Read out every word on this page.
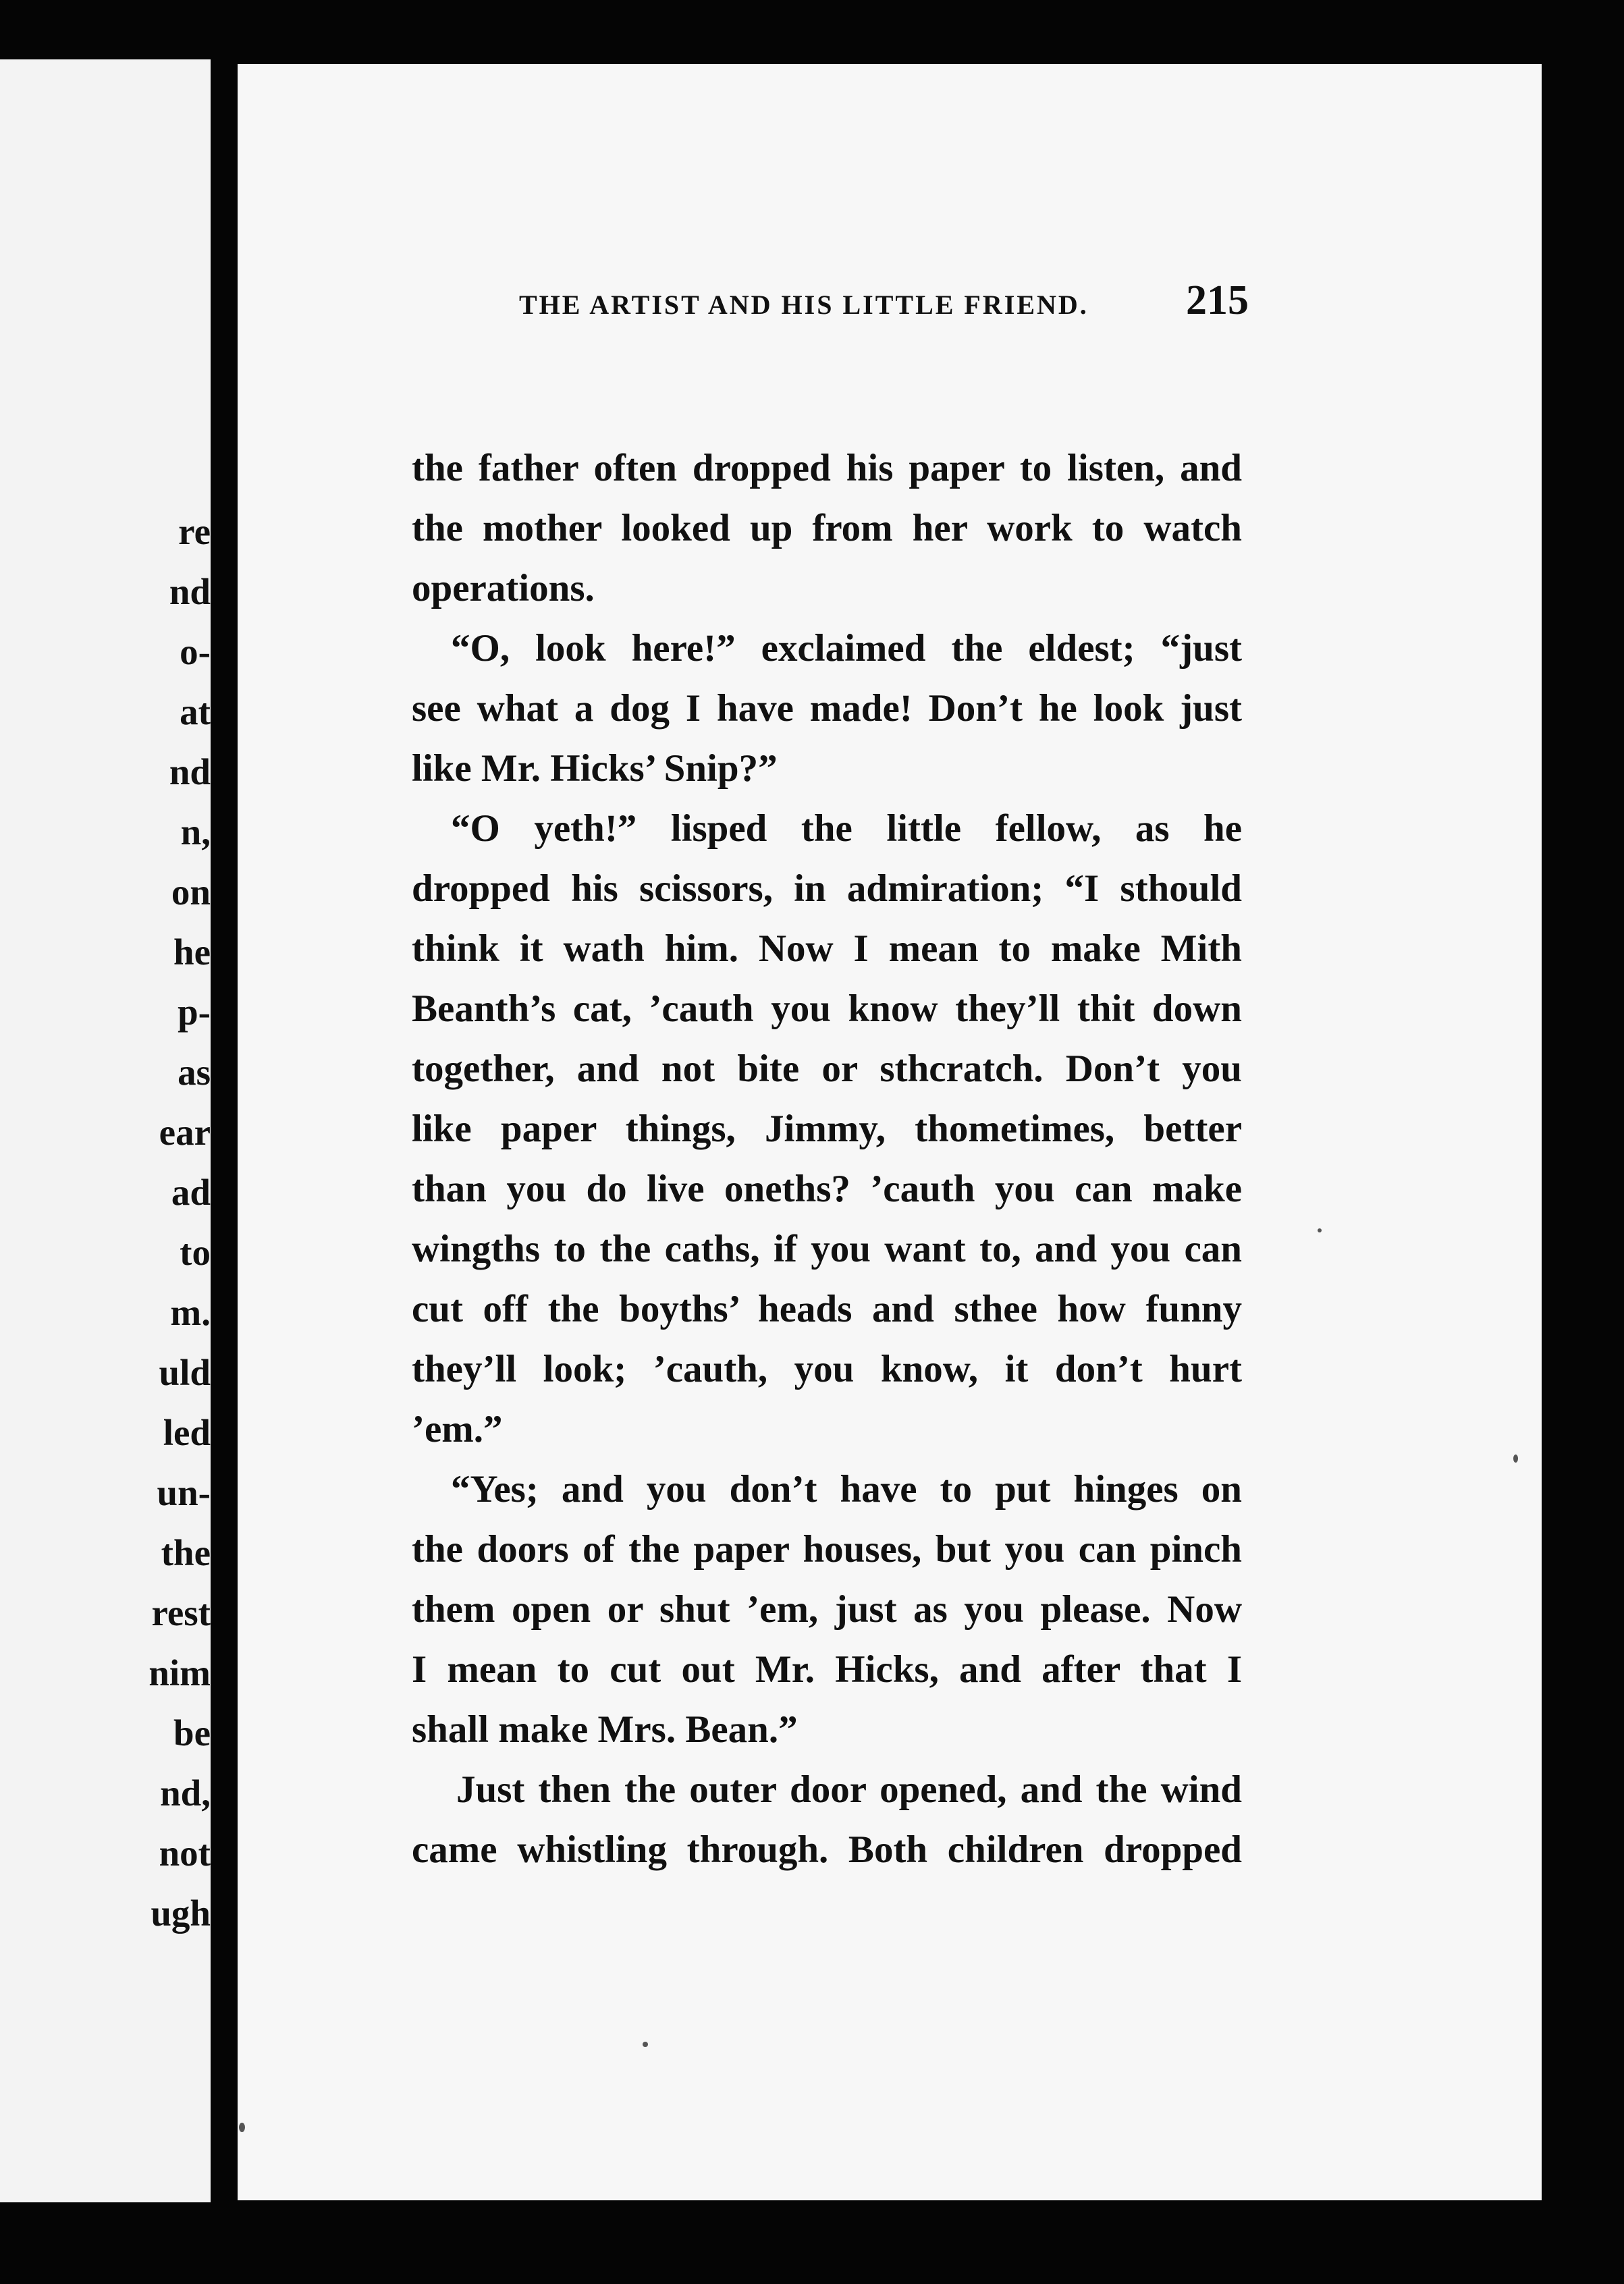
re
nd
o-
at
nd
n,
on
he
p-
as
ear
ad
to
m.
uld
led
un-
the
rest
nim
be
nd,
not
ugh
THE ARTIST AND HIS LITTLE FRIEND. 215
the father often dropped his paper to listen, and
the mother looked up from her work to watch
operations.
“O, look here!” exclaimed the eldest; “just
see what a dog I have made! Don’t he look just
like Mr. Hicks’ Snip?”
“O yeth!” lisped the little fellow, as he
dropped his scissors, in admiration; “I sthould
think it wath him. Now I mean to make Mith
Beanth’s cat, ’cauth you know they’ll thit down
together, and not bite or sthcratch. Don’t you
like paper things, Jimmy, thometimes, better
than you do live oneths? ’cauth you can make
wingths to the caths, if you want to, and you can
cut off the boyths’ heads and sthee how funny
they’ll look; ’cauth, you know, it don’t hurt
’em.”
“Yes; and you don’t have to put hinges on
the doors of the paper houses, but you can pinch
them open or shut ’em, just as you please. Now
I mean to cut out Mr. Hicks, and after that I
shall make Mrs. Bean.”
Just then the outer door opened, and the wind
came whistling through. Both children dropped
